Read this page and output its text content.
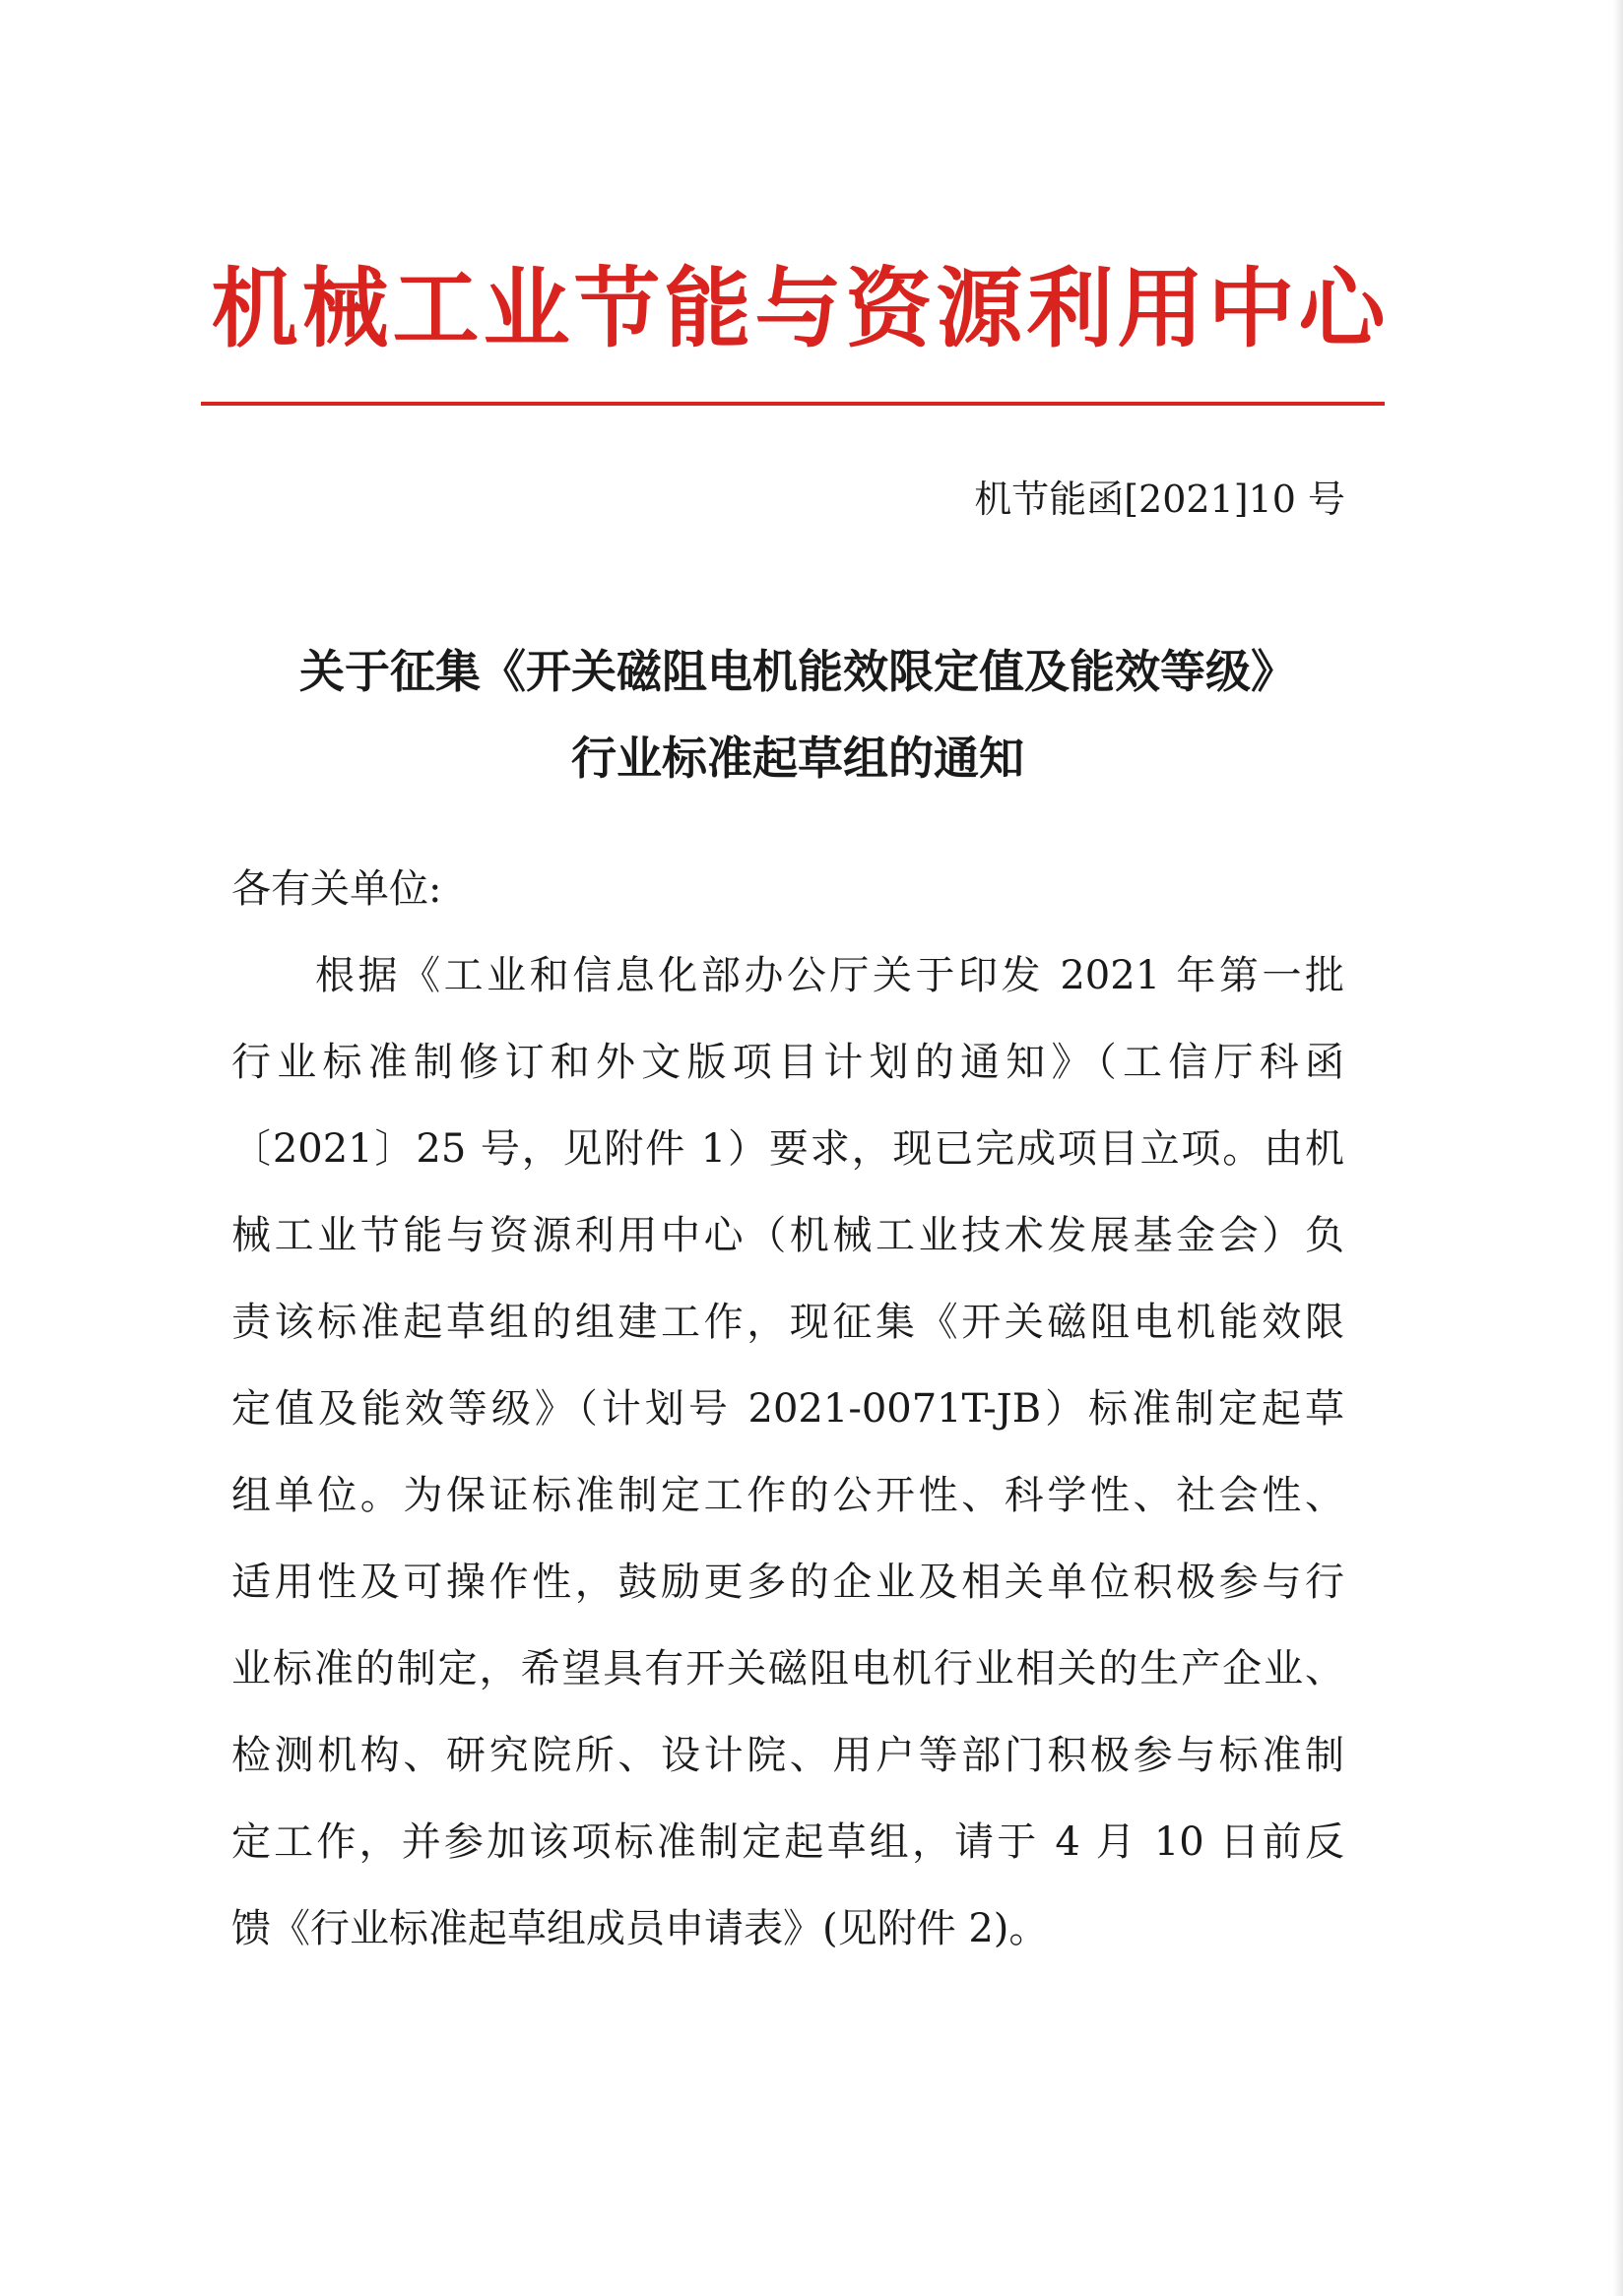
机械工业节能与资源利用中心
机节能函[2021]10 号
关于征集《开关磁阻电机能效限定值及能效等级》
行业标准起草组的通知
各有关单位:
根据《工业和信息化部办公厅关于印发 2021 年第一批
行业标准制修订和外文版项目计划的通知》（工信厅科函
〔2021〕25 号，见附件 1）要求，现已完成项目立项。由机
械工业节能与资源利用中心（机械工业技术发展基金会）负
责该标准起草组的组建工作，现征集《开关磁阻电机能效限
定值及能效等级》（计划号 2021-0071T-JB）标准制定起草
组单位。为保证标准制定工作的公开性、科学性、社会性、
适用性及可操作性，鼓励更多的企业及相关单位积极参与行
业标准的制定，希望具有开关磁阻电机行业相关的生产企业、
检测机构、研究院所、设计院、用户等部门积极参与标准制
定工作，并参加该项标准制定起草组，请于 4 月 10 日前反
馈《行业标准起草组成员申请表》(见附件 2)。
